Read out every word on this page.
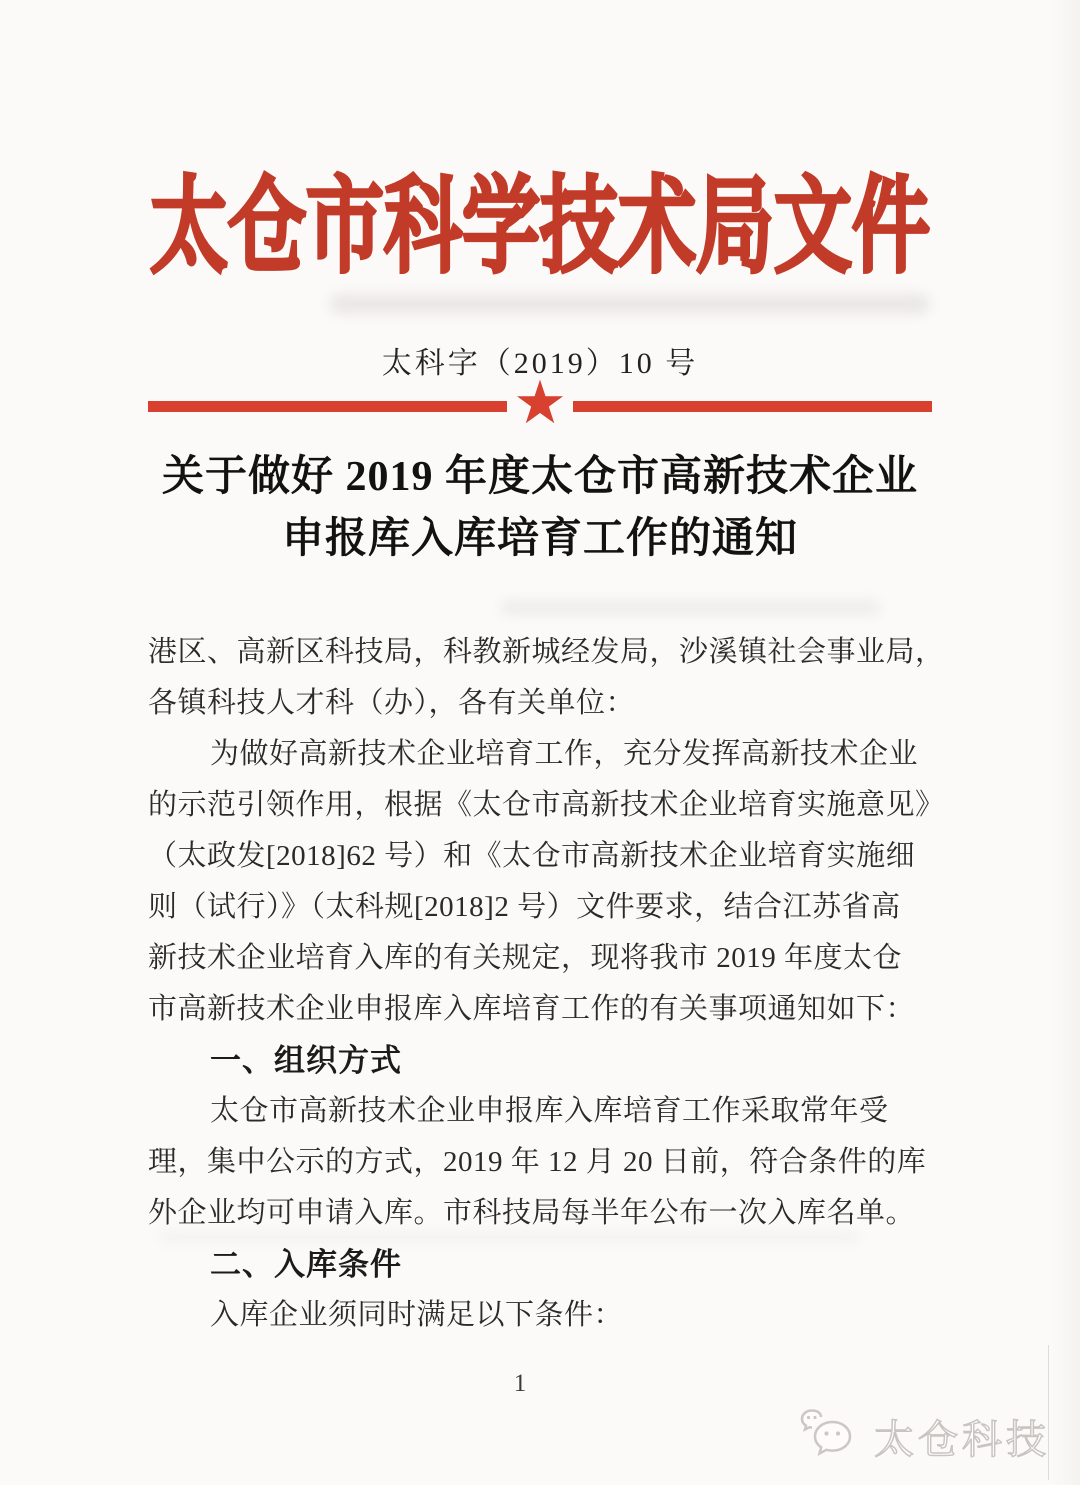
太仓市科学技术局文件
太科字（2019）10 号
★
关于做好 2019 年度太仓市高新技术企业
申报库入库培育工作的通知
港区、高新区科技局，科教新城经发局，沙溪镇社会事业局，
各镇科技人才科（办），各有关单位：
为做好高新技术企业培育工作，充分发挥高新技术企业
的示范引领作用，根据《太仓市高新技术企业培育实施意见》
（太政发[2018]62 号）和《太仓市高新技术企业培育实施细
则（试行）》（太科规[2018]2 号）文件要求，结合江苏省高
新技术企业培育入库的有关规定，现将我市 2019 年度太仓
市高新技术企业申报库入库培育工作的有关事项通知如下：
一、组织方式
太仓市高新技术企业申报库入库培育工作采取常年受
理，集中公示的方式，2019 年 12 月 20 日前，符合条件的库
外企业均可申请入库。市科技局每半年公布一次入库名单。
二、入库条件
入库企业须同时满足以下条件：
1
太仓科技
